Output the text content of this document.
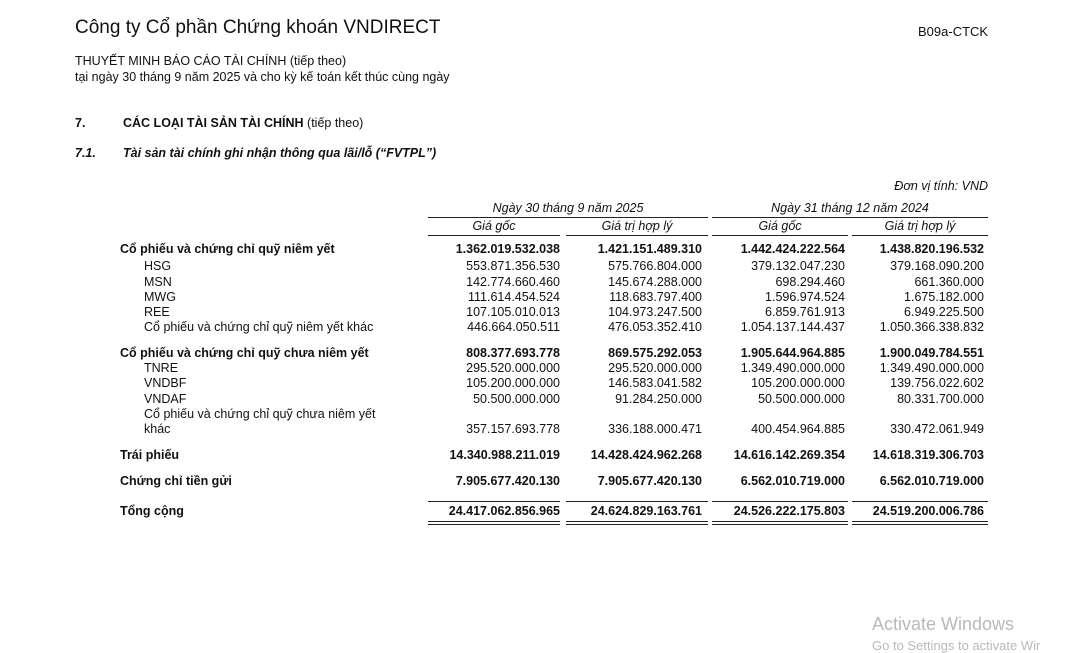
Công ty Cổ phần Chứng khoán VNDIRECT	B09a-CTCK
THUYẾT MINH BÁO CÁO TÀI CHÍNH (tiếp theo)
tại ngày 30 tháng 9 năm 2025 và cho kỳ kế toán kết thúc cùng ngày
7.	CÁC LOẠI TÀI SẢN TÀI CHÍNH (tiếp theo)
7.1. Tài sản tài chính ghi nhận thông qua lãi/lỗ (“FVTPL”)
Đơn vị tính: VND
Ngày 30 tháng 9 năm 2025	Ngày 31 tháng 12 năm 2024
Giá gốc	Giá trị hợp lý	Giá gốc	Giá trị hợp lý
Cổ phiếu và chứng chỉ quỹ niêm yết	1.362.019.532.038	1.421.151.489.310	1.442.424.222.564	1.438.820.196.532
HSG	553.871.356.530	575.766.804.000	379.132.047.230	379.168.090.200
MSN	142.774.660.460	145.674.288.000	698.294.460	661.360.000
MWG	111.614.454.524	118.683.797.400	1.596.974.524	1.675.182.000
REE	107.105.010.013	104.973.247.500	6.859.761.913	6.949.225.500
Cổ phiếu và chứng chỉ quỹ niêm yết khác	446.664.050.511	476.053.352.410	1.054.137.144.437	1.050.366.338.832
Cổ phiếu và chứng chỉ quỹ chưa niêm yết	808.377.693.778	869.575.292.053	1.905.644.964.885	1.900.049.784.551
TNRE	295.520.000.000	295.520.000.000	1.349.490.000.000	1.349.490.000.000
VNDBF	105.200.000.000	146.583.041.582	105.200.000.000	139.756.022.602
VNDAF	50.500.000.000	91.284.250.000	50.500.000.000	80.331.700.000
Cổ phiếu và chứng chỉ quỹ chưa niêm yết
khác	357.157.693.778	336.188.000.471	400.454.964.885	330.472.061.949
Trái phiếu	14.340.988.211.019 14.428.424.962.268	14.616.142.269.354 14.618.319.306.703
Chứng chỉ tiền gửi	7.905.677.420.130	7.905.677.420.130	6.562.010.719.000	6.562.010.719.000
Tổng cộng	24.417.062.856.965 24.624.829.163.761	24.526.222.175.803 24.519.200.006.786
Activate Windows
Go to Settings to activate Wir
